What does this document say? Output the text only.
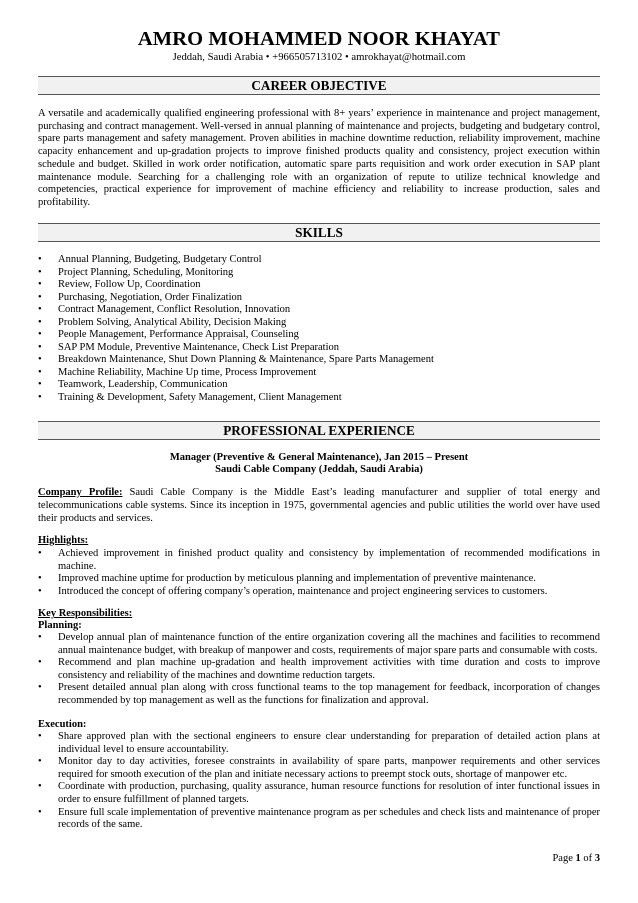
AMRO MOHAMMED NOOR KHAYAT
Jeddah, Saudi Arabia • +966505713102 • amrokhayat@hotmail.com
CAREER OBJECTIVE
A versatile and academically qualified engineering professional with 8+ years’ experience in maintenance and project management, purchasing and contract management. Well-versed in annual planning of maintenance and projects, budgeting and budgetary control, spare parts management and safety management. Proven abilities in machine downtime reduction, reliability improvement, machine capacity enhancement and up-gradation projects to improve finished products quality and consistency, project execution within schedule and budget. Skilled in work order notification, automatic spare parts requisition and work order execution in SAP plant maintenance module. Searching for a challenging role with an organization of repute to utilize technical knowledge and competencies, practical experience for improvement of machine efficiency and reliability to increase production, sales and profitability.
SKILLS
• Annual Planning, Budgeting, Budgetary Control
• Project Planning, Scheduling, Monitoring
• Review, Follow Up, Coordination
• Purchasing, Negotiation, Order Finalization
• Contract Management, Conflict Resolution, Innovation
• Problem Solving, Analytical Ability, Decision Making
• People Management, Performance Appraisal, Counseling
• SAP PM Module, Preventive Maintenance, Check List Preparation
• Breakdown Maintenance, Shut Down Planning & Maintenance, Spare Parts Management
• Machine Reliability, Machine Up time, Process Improvement
• Teamwork, Leadership, Communication
• Training & Development, Safety Management, Client Management
PROFESSIONAL EXPERIENCE
Manager (Preventive & General Maintenance), Jan 2015 – Present
Saudi Cable Company (Jeddah, Saudi Arabia)
Company Profile: Saudi Cable Company is the Middle East’s leading manufacturer and supplier of total energy and telecommunications cable systems. Since its inception in 1975, governmental agencies and public utilities the world over have used their products and services.
Highlights:
• Achieved improvement in finished product quality and consistency by implementation of recommended modifications in machine.
• Improved machine uptime for production by meticulous planning and implementation of preventive maintenance.
• Introduced the concept of offering company’s operation, maintenance and project engineering services to customers.
Key Responsibilities:
Planning:
• Develop annual plan of maintenance function of the entire organization covering all the machines and facilities to recommend annual maintenance budget, with breakup of manpower and costs, requirements of major spare parts and consumable with costs.
• Recommend and plan machine up-gradation and health improvement activities with time duration and costs to improve consistency and reliability of the machines and downtime reduction targets.
• Present detailed annual plan along with cross functional teams to the top management for feedback, incorporation of changes recommended by top management as well as the functions for finalization and approval.
Execution:
• Share approved plan with the sectional engineers to ensure clear understanding for preparation of detailed action plans at individual level to ensure accountability.
• Monitor day to day activities, foresee constraints in availability of spare parts, manpower requirements and other services required for smooth execution of the plan and initiate necessary actions to preempt stock outs, shortage of manpower etc.
• Coordinate with production, purchasing, quality assurance, human resource functions for resolution of inter functional issues in order to ensure fulfillment of planned targets.
• Ensure full scale implementation of preventive maintenance program as per schedules and check lists and maintenance of proper records of the same.
Page 1 of 3
